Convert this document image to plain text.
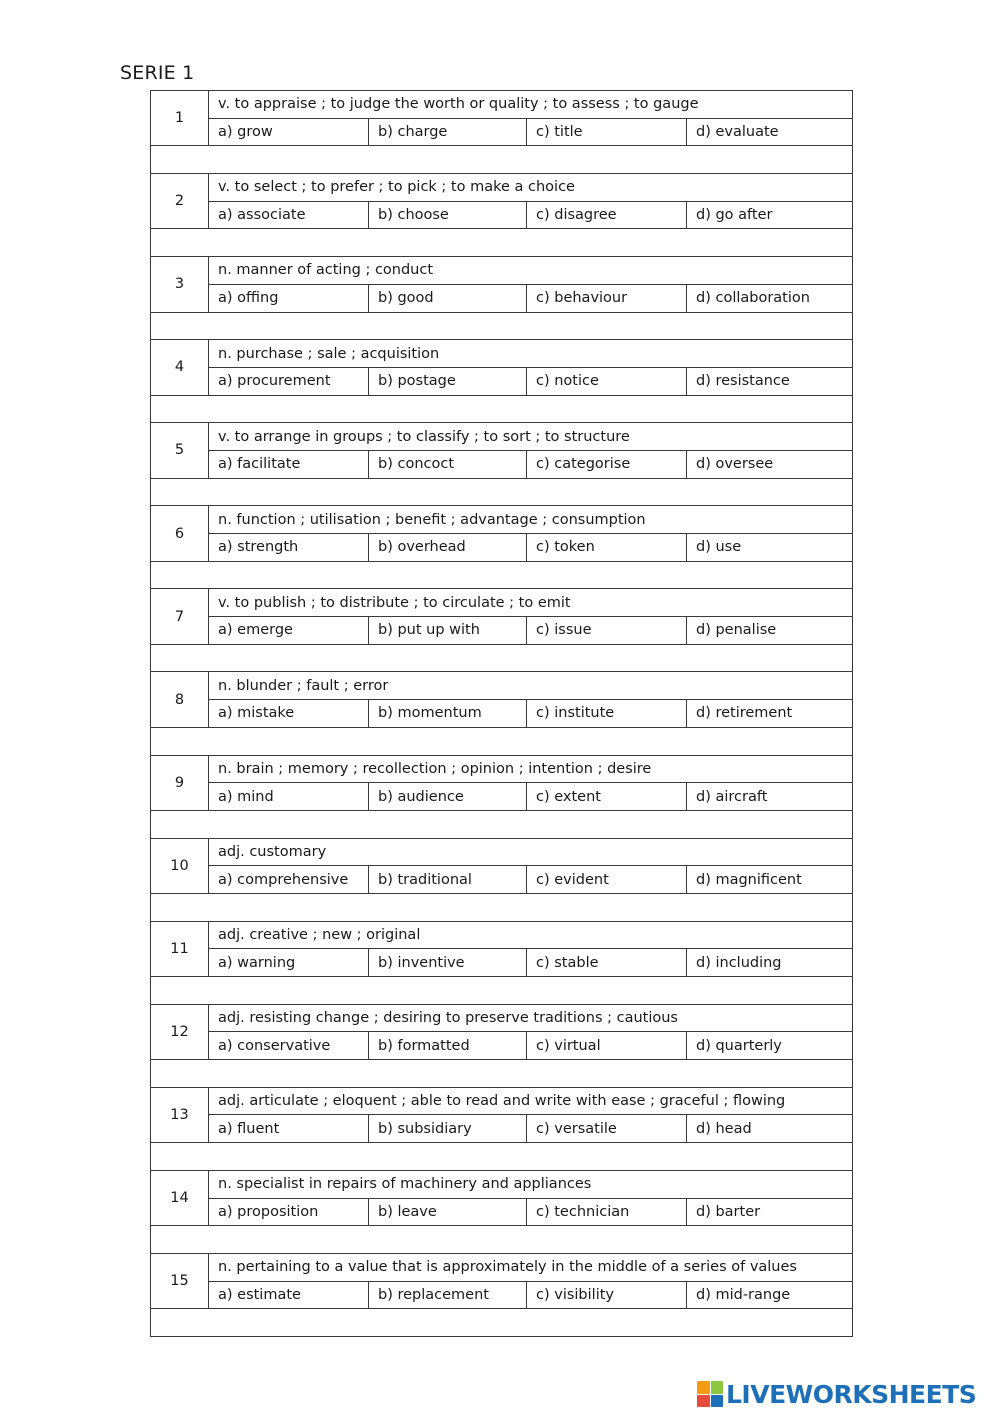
SERIE 1
1	v. to appraise ; to judge the worth or quality ; to assess ; to gauge			
	a) grow	b) charge	c) title	d) evaluate

2	v. to select ; to prefer ; to pick ; to make a choice			
	a) associate	b) choose	c) disagree	d) go after

3	n. manner of acting ; conduct			
	a) offing	b) good	c) behaviour	d) collaboration

4	n. purchase ; sale ; acquisition			
	a) procurement	b) postage	c) notice	d) resistance

5	v. to arrange in groups ; to classify ; to sort ; to structure			
	a) facilitate	b) concoct	c) categorise	d) oversee

6	n. function ; utilisation ; benefit ; advantage ; consumption			
	a) strength	b) overhead	c) token	d) use

7	v. to publish ; to distribute ; to circulate ; to emit			
	a) emerge	b) put up with	c) issue	d) penalise

8	n. blunder ; fault ; error			
	a) mistake	b) momentum	c) institute	d) retirement

9	n. brain ; memory ; recollection ; opinion ; intention ; desire			
	a) mind	b) audience	c) extent	d) aircraft

10	adj. customary			
	a) comprehensive	b) traditional	c) evident	d) magnificent

11	adj. creative ; new ; original			
	a) warning	b) inventive	c) stable	d) including

12	adj. resisting change ; desiring to preserve traditions ; cautious			
	a) conservative	b) formatted	c) virtual	d) quarterly

13	adj. articulate ; eloquent ; able to read and write with ease ; graceful ; flowing			
	a) fluent	b) subsidiary	c) versatile	d) head

14	n. specialist in repairs of machinery and appliances			
	a) proposition	b) leave	c) technician	d) barter

15	n. pertaining to a value that is approximately in the middle of a series of values			
	a) estimate	b) replacement	c) visibility	d) mid-range

LIVEWORKSHEETS
